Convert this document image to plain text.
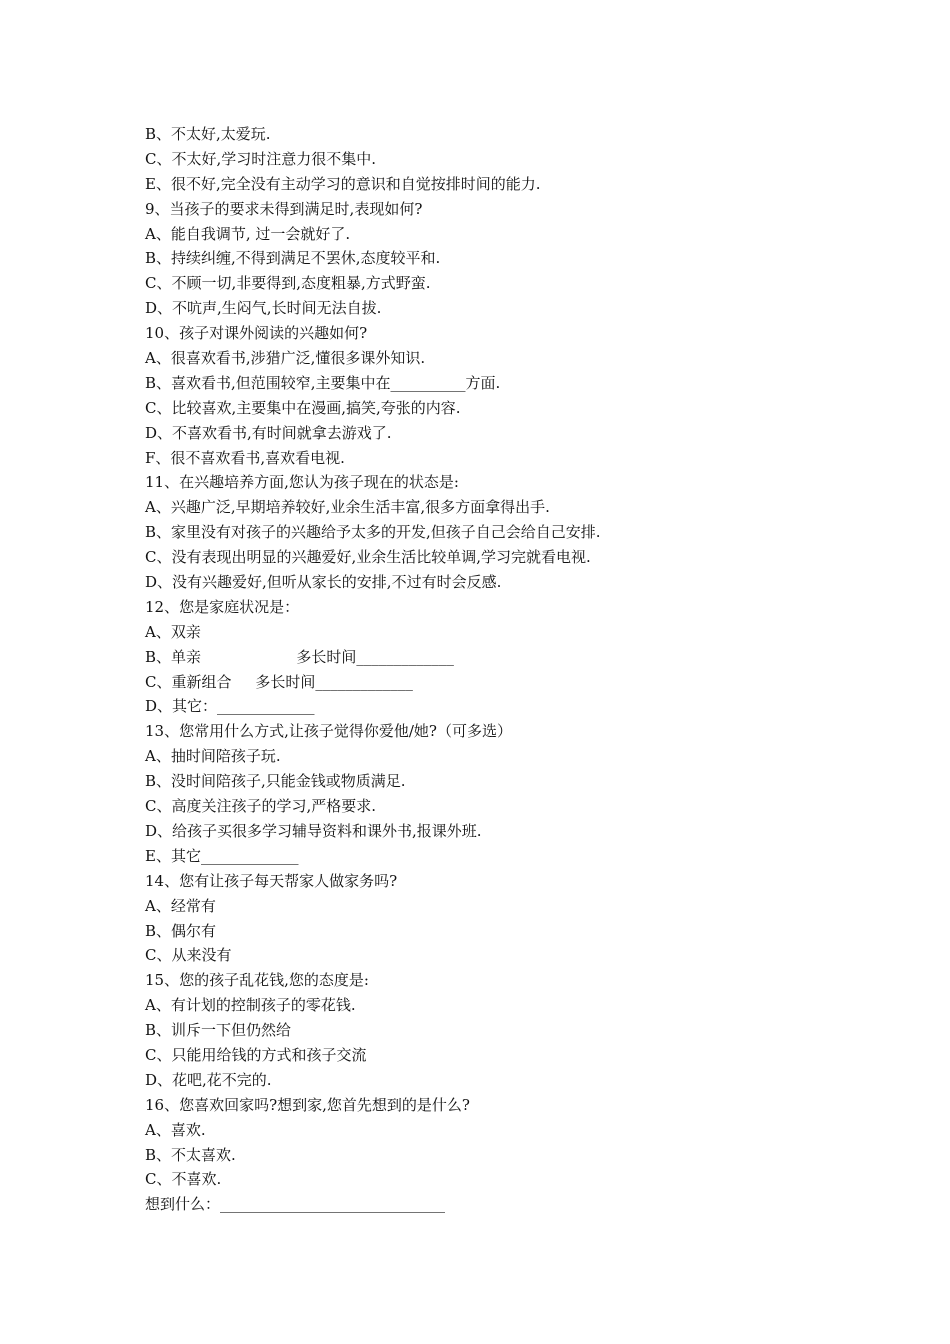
B、不太好,太爱玩.
C、不太好,学习时注意力很不集中.
E、很不好,完全没有主动学习的意识和自觉按排时间的能力.
9、当孩子的要求未得到满足时,表现如何?
A、能自我调节, 过一会就好了.
B、持续纠缠,不得到满足不罢休,态度较平和.
C、不顾一切,非要得到,态度粗暴,方式野蛮.
D、不吭声,生闷气,长时间无法自拔.
10、孩子对课外阅读的兴趣如何?
A、很喜欢看书,涉猎广泛,懂很多课外知识.
B、喜欢看书,但范围较窄,主要集中在__________方面.
C、比较喜欢,主要集中在漫画,搞笑,夸张的内容.
D、不喜欢看书,有时间就拿去游戏了.
F、很不喜欢看书,喜欢看电视.
11、在兴趣培养方面,您认为孩子现在的状态是:
A、兴趣广泛,早期培养较好,业余生活丰富,很多方面拿得出手.
B、家里没有对孩子的兴趣给予太多的开发,但孩子自己会给自己安排.
C、没有表现出明显的兴趣爱好,业余生活比较单调,学习完就看电视.
D、没有兴趣爱好,但听从家长的安排,不过有时会反感.
12、您是家庭状况是：
A、双亲
B、单亲                    多长时间_____________
C、重新组合     多长时间_____________
D、其它：_____________
13、您常用什么方式,让孩子觉得你爱他/她?（可多选）
A、抽时间陪孩子玩.
B、没时间陪孩子,只能金钱或物质满足.
C、高度关注孩子的学习,严格要求.
D、给孩子买很多学习辅导资料和课外书,报课外班.
E、其它_____________
14、您有让孩子每天帮家人做家务吗?
A、经常有
B、偶尔有
C、从来没有
15、您的孩子乱花钱,您的态度是:
A、有计划的控制孩子的零花钱.
B、训斥一下但仍然给
C、只能用给钱的方式和孩子交流
D、花吧,花不完的.
16、您喜欢回家吗?想到家,您首先想到的是什么?
A、喜欢.
B、不太喜欢.
C、不喜欢.
想到什么：______________________________
